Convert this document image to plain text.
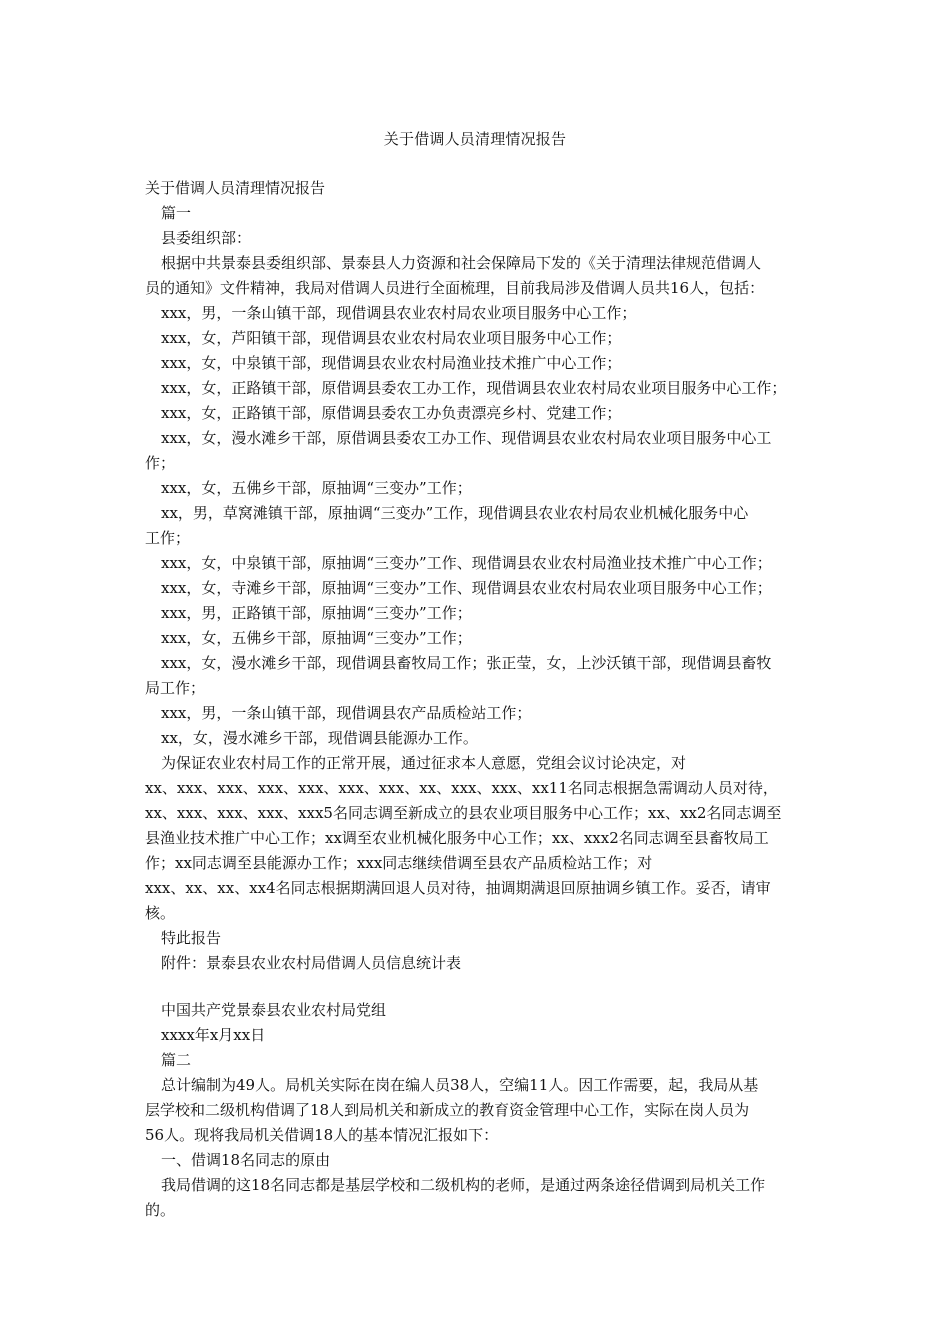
关于借调人员清理情况报告
关于借调人员清理情况报告
篇一
县委组织部：
根据中共景泰县委组织部、景泰县人力资源和社会保障局下发的《关于清理法律规范借调人
员的通知》文件精神，我局对借调人员进行全面梳理，目前我局涉及借调人员共16人，包括：
xxx，男，一条山镇干部，现借调县农业农村局农业项目服务中心工作；
xxx，女，芦阳镇干部，现借调县农业农村局农业项目服务中心工作；
xxx，女，中泉镇干部，现借调县农业农村局渔业技术推广中心工作；
xxx，女，正路镇干部，原借调县委农工办工作，现借调县农业农村局农业项目服务中心工作；
xxx，女，正路镇干部，原借调县委农工办负责漂亮乡村、党建工作；
xxx，女，漫水滩乡干部，原借调县委农工办工作、现借调县农业农村局农业项目服务中心工
作；
xxx，女，五佛乡干部，原抽调“三变办”工作；
xx，男，草窝滩镇干部，原抽调“三变办”工作，现借调县农业农村局农业机械化服务中心
工作；
xxx，女，中泉镇干部，原抽调“三变办”工作、现借调县农业农村局渔业技术推广中心工作；
xxx，女，寺滩乡干部，原抽调“三变办”工作、现借调县农业农村局农业项目服务中心工作；
xxx，男，正路镇干部，原抽调“三变办”工作；
xxx，女，五佛乡干部，原抽调“三变办”工作；
xxx，女，漫水滩乡干部，现借调县畜牧局工作；张正莹，女，上沙沃镇干部，现借调县畜牧
局工作；
xxx，男，一条山镇干部，现借调县农产品质检站工作；
xx，女，漫水滩乡干部，现借调县能源办工作。
为保证农业农村局工作的正常开展，通过征求本人意愿，党组会议讨论决定，对
xx、xxx、xxx、xxx、xxx、xxx、xxx、xx、xxx、xxx、xx11名同志根据急需调动人员对待，
xx、xxx、xxx、xxx、xxx5名同志调至新成立的县农业项目服务中心工作；xx、xx2名同志调至
县渔业技术推广中心工作；xx调至农业机械化服务中心工作；xx、xxx2名同志调至县畜牧局工
作；xx同志调至县能源办工作；xxx同志继续借调至县农产品质检站工作；对
xxx、xx、xx、xx4名同志根据期满回退人员对待，抽调期满退回原抽调乡镇工作。妥否，请审
核。
特此报告
附件：景泰县农业农村局借调人员信息统计表
中国共产党景泰县农业农村局党组
xxxx年x月xx日
篇二
总计编制为49人。局机关实际在岗在编人员38人，空编11人。因工作需要，起，我局从基
层学校和二级机构借调了18人到局机关和新成立的教育资金管理中心工作，实际在岗人员为
56人。现将我局机关借调18人的基本情况汇报如下：
一、借调18名同志的原由
我局借调的这18名同志都是基层学校和二级机构的老师，是通过两条途径借调到局机关工作
的。
